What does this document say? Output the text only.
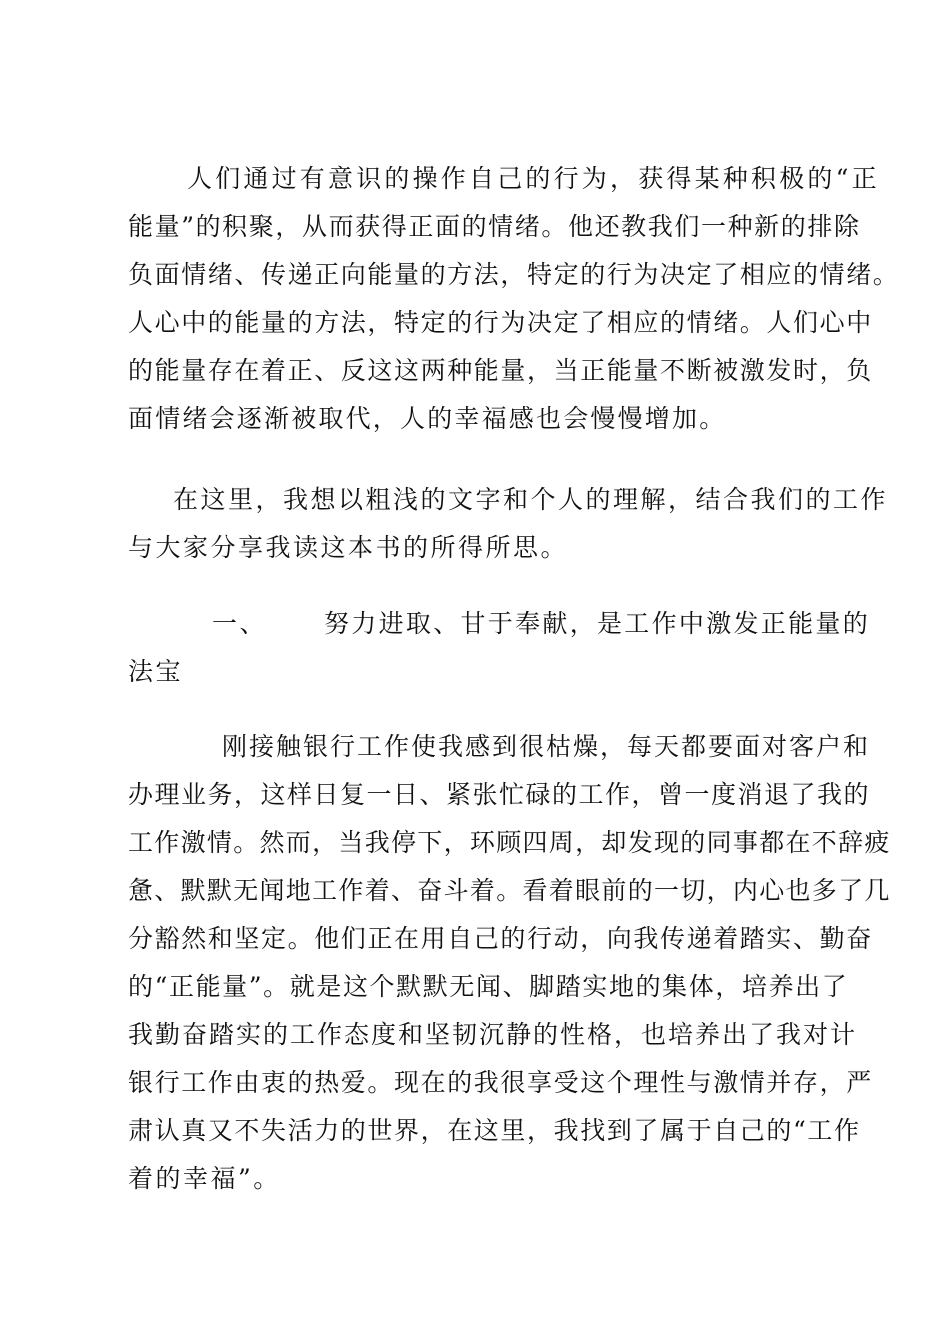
人们通过有意识的操作自己的行为，获得某种积极的“正
能量”的积聚，从而获得正面的情绪。他还教我们一种新的排除
负面情绪、传递正向能量的方法，特定的行为决定了相应的情绪。
人心中的能量的方法，特定的行为决定了相应的情绪。人们心中
的能量存在着正、反这这两种能量，当正能量不断被激发时，负
面情绪会逐渐被取代，人的幸福感也会慢慢增加。
在这里，我想以粗浅的文字和个人的理解，结合我们的工作
与大家分享我读这本书的所得所思。
一、 努力进取、甘于奉献，是工作中激发正能量的
法宝
刚接触银行工作使我感到很枯燥，每天都要面对客户和
办理业务，这样日复一日、紧张忙碌的工作，曾一度消退了我的
工作激情。然而，当我停下，环顾四周，却发现的同事都在不辞疲
惫、默默无闻地工作着、奋斗着。看着眼前的一切，内心也多了几
分豁然和坚定。他们正在用自己的行动，向我传递着踏实、勤奋
的“正能量”。就是这个默默无闻、脚踏实地的集体，培养出了
我勤奋踏实的工作态度和坚韧沉静的性格，也培养出了我对计
银行工作由衷的热爱。现在的我很享受这个理性与激情并存，严
肃认真又不失活力的世界，在这里，我找到了属于自己的“工作
着的幸福”。
